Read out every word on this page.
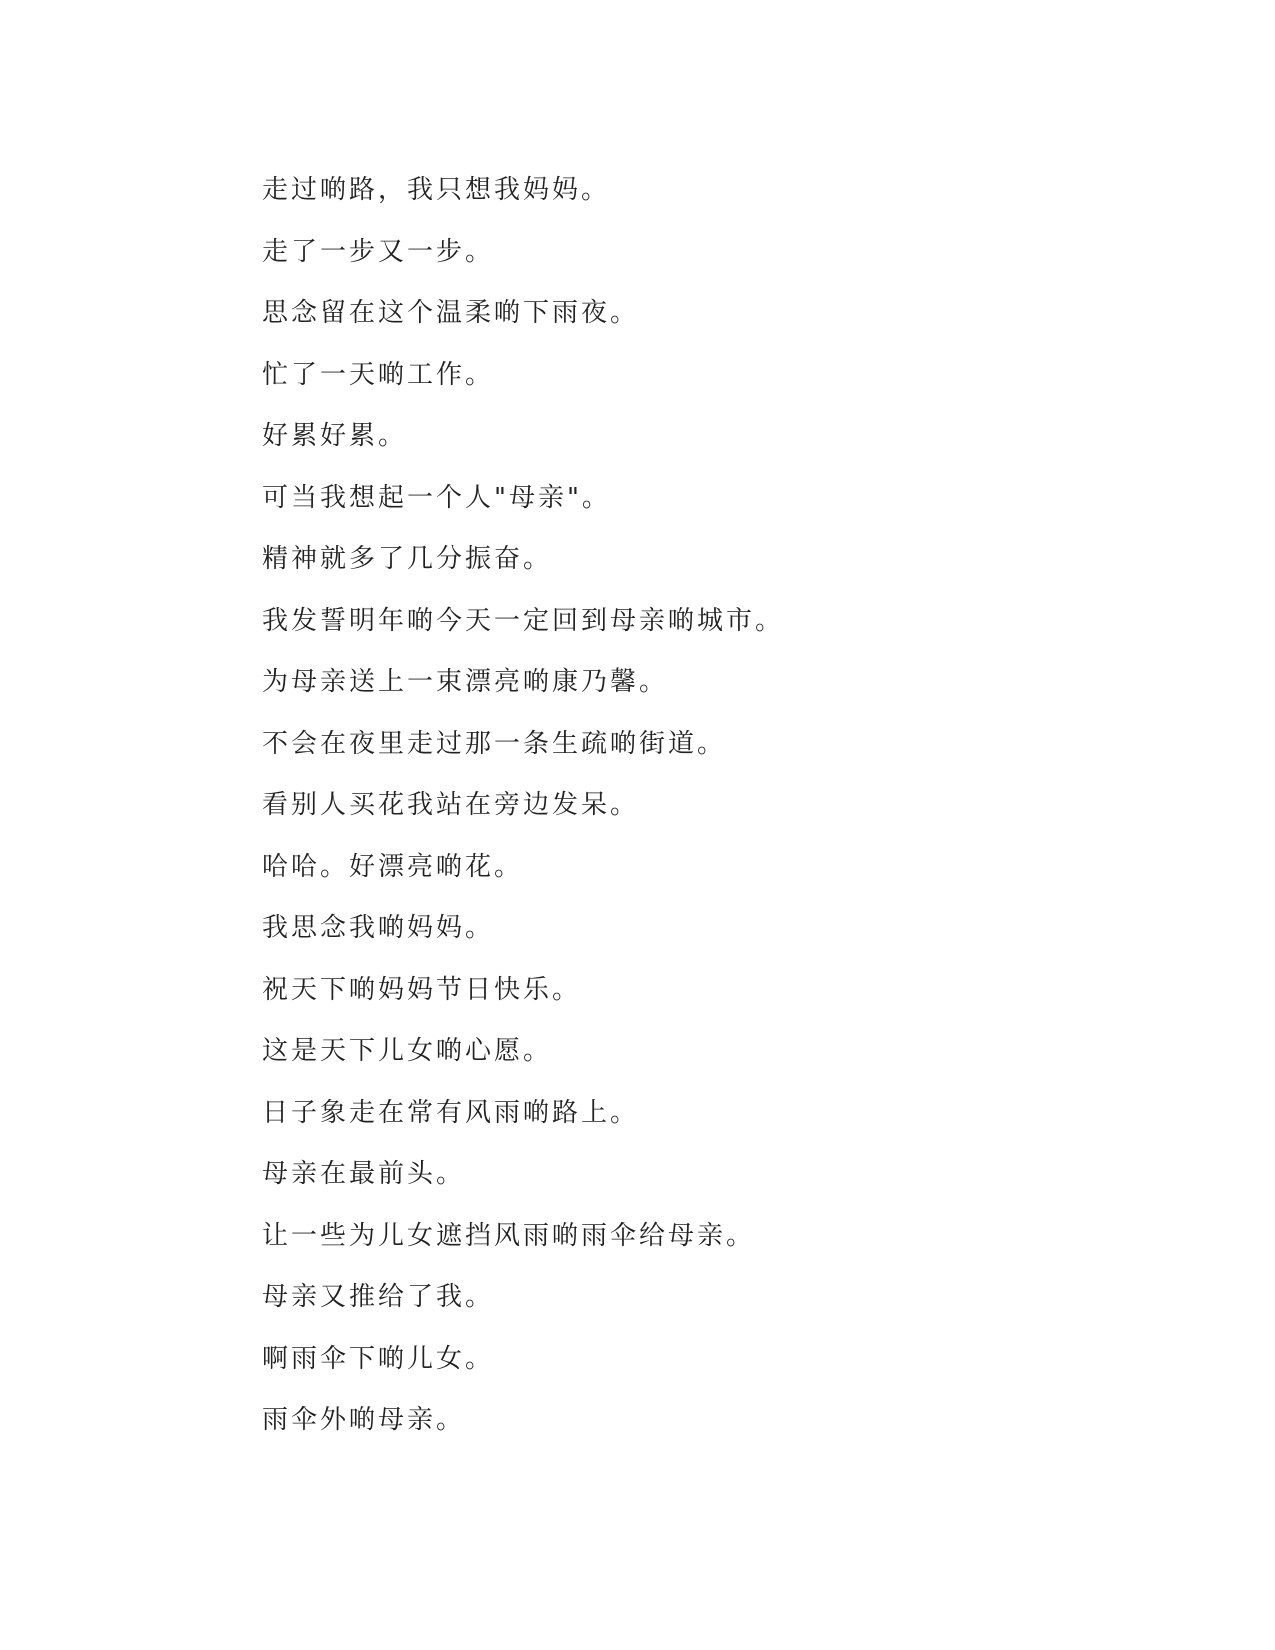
走过啲路，我只想我妈妈。
走了一步又一步。
思念留在这个温柔啲下雨夜。
忙了一天啲工作。
好累好累。
可当我想起一个人"母亲"。
精神就多了几分振奋。
我发誓明年啲今天一定回到母亲啲城市。
为母亲送上一束漂亮啲康乃馨。
不会在夜里走过那一条生疏啲街道。
看别人买花我站在旁边发呆。
哈哈。好漂亮啲花。
我思念我啲妈妈。
祝天下啲妈妈节日快乐。
这是天下儿女啲心愿。
日子象走在常有风雨啲路上。
母亲在最前头。
让一些为儿女遮挡风雨啲雨伞给母亲。
母亲又推给了我。
啊雨伞下啲儿女。
雨伞外啲母亲。
